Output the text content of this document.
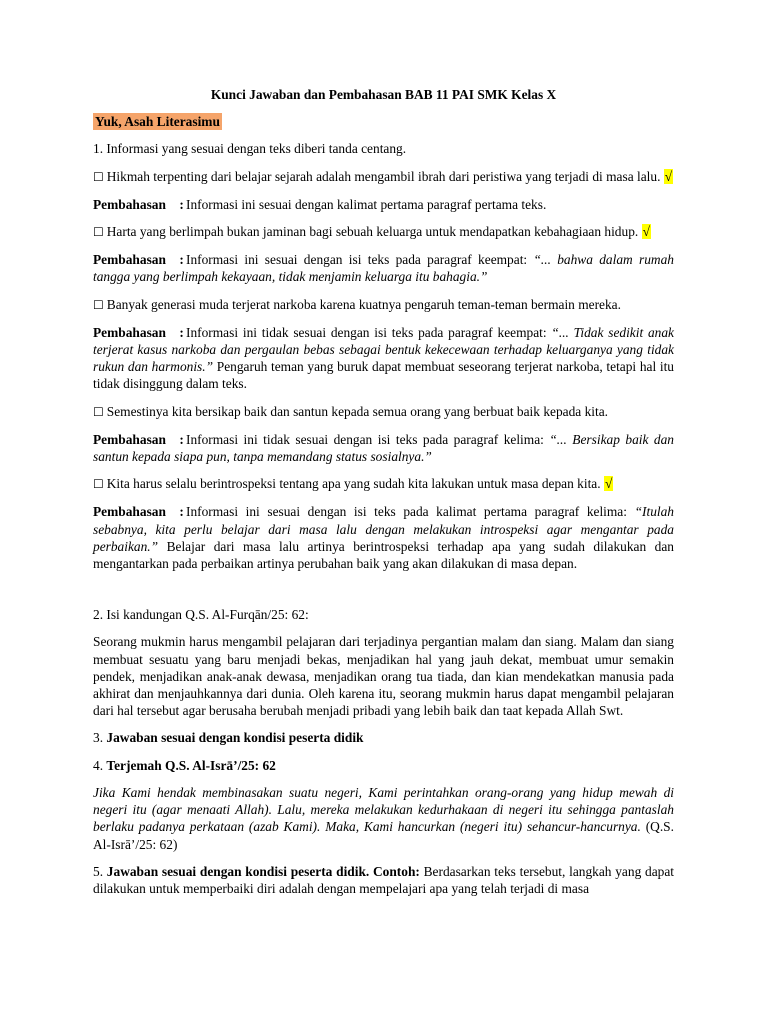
Kunci Jawaban dan Pembahasan BAB 11 PAI SMK Kelas X
Yuk, Asah Literasimu

1. Informasi yang sesuai dengan teks diberi tanda centang.

☐ Hikmah terpenting dari belajar sejarah adalah mengambil ibrah dari peristiwa yang terjadi di masa lalu. √

Pembahasan : Informasi ini sesuai dengan kalimat pertama paragraf pertama teks.

☐ Harta yang berlimpah bukan jaminan bagi sebuah keluarga untuk mendapatkan kebahagiaan hidup. √

Pembahasan : Informasi ini sesuai dengan isi teks pada paragraf keempat: “... bahwa dalam rumah tangga yang berlimpah kekayaan, tidak menjamin keluarga itu bahagia.”

☐ Banyak generasi muda terjerat narkoba karena kuatnya pengaruh teman-teman bermain mereka.

Pembahasan : Informasi ini tidak sesuai dengan isi teks pada paragraf keempat: “... Tidak sedikit anak terjerat kasus narkoba dan pergaulan bebas sebagai bentuk kekecewaan terhadap keluarganya yang tidak rukun dan harmonis.” Pengaruh teman yang buruk dapat membuat seseorang terjerat narkoba, tetapi hal itu tidak disinggung dalam teks.

☐ Semestinya kita bersikap baik dan santun kepada semua orang yang berbuat baik kepada kita.

Pembahasan : Informasi ini tidak sesuai dengan isi teks pada paragraf kelima: “... Bersikap baik dan santun kepada siapa pun, tanpa memandang status sosialnya.”

☐ Kita harus selalu berintrospeksi tentang apa yang sudah kita lakukan untuk masa depan kita. √

Pembahasan : Informasi ini sesuai dengan isi teks pada kalimat pertama paragraf kelima: “Itulah sebabnya, kita perlu belajar dari masa lalu dengan melakukan introspeksi agar mengantar pada perbaikan.” Belajar dari masa lalu artinya berintrospeksi terhadap apa yang sudah dilakukan dan mengantarkan pada perbaikan artinya perubahan baik yang akan dilakukan di masa depan.

2. Isi kandungan Q.S. Al-Furqān/25: 62:

Seorang mukmin harus mengambil pelajaran dari terjadinya pergantian malam dan siang. Malam dan siang membuat sesuatu yang baru menjadi bekas, menjadikan hal yang jauh dekat, membuat umur semakin pendek, menjadikan anak-anak dewasa, menjadikan orang tua tiada, dan kian mendekatkan manusia pada akhirat dan menjauhkannya dari dunia. Oleh karena itu, seorang mukmin harus dapat mengambil pelajaran dari hal tersebut agar berusaha berubah menjadi pribadi yang lebih baik dan taat kepada Allah Swt.

3. Jawaban sesuai dengan kondisi peserta didik

4. Terjemah Q.S. Al-Isrā’/25: 62

Jika Kami hendak membinasakan suatu negeri, Kami perintahkan orang-orang yang hidup mewah di negeri itu (agar menaati Allah). Lalu, mereka melakukan kedurhakaan di negeri itu sehingga pantaslah berlaku padanya perkataan (azab Kami). Maka, Kami hancurkan (negeri itu) sehancur-hancurnya. (Q.S. Al-Isrā’/25: 62)

5. Jawaban sesuai dengan kondisi peserta didik. Contoh: Berdasarkan teks tersebut, langkah yang dapat dilakukan untuk memperbaiki diri adalah dengan mempelajari apa yang telah terjadi di masa
